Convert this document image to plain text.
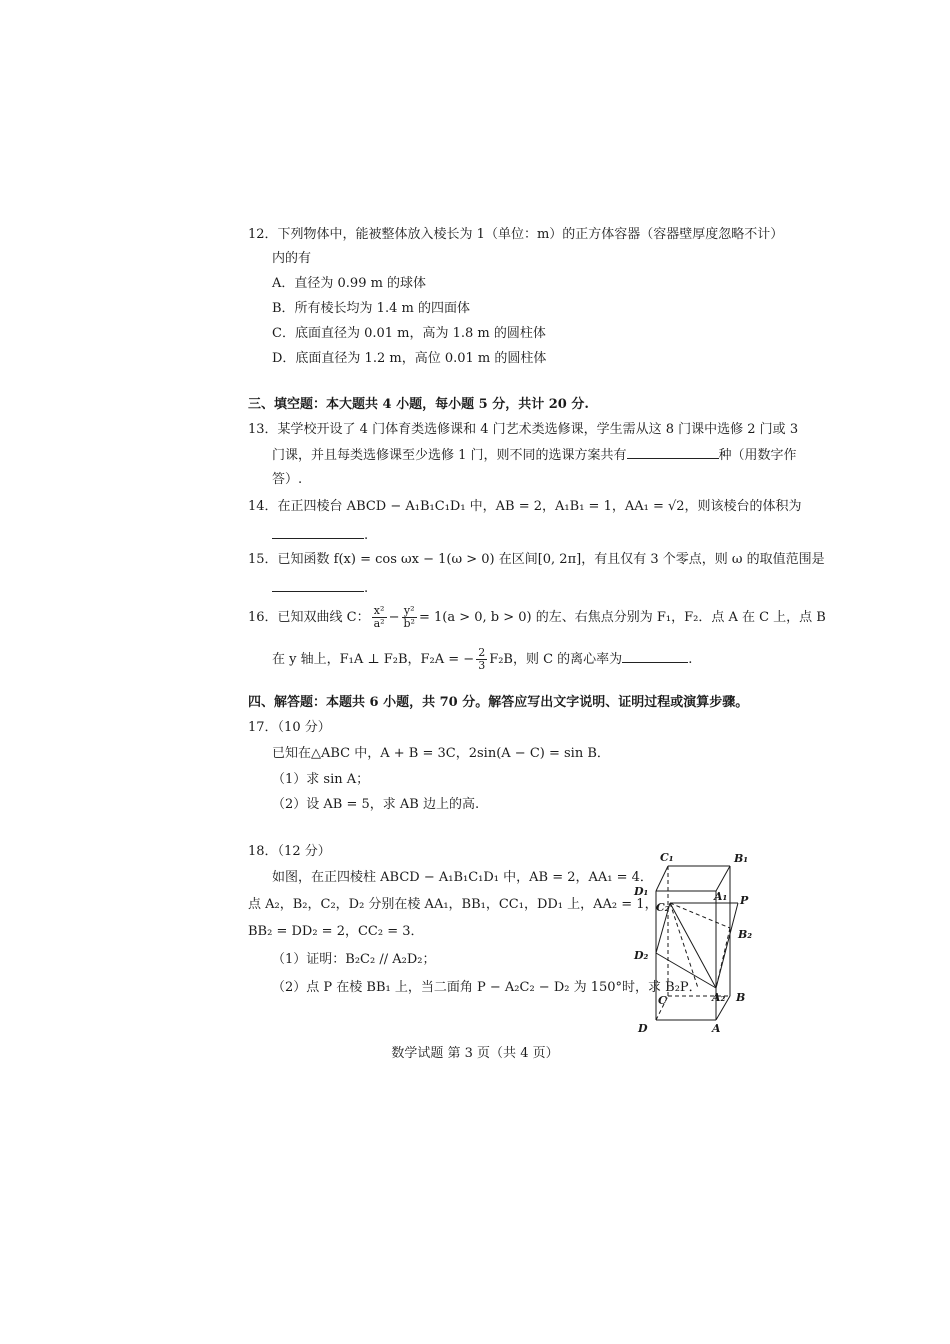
12．下列物体中，能被整体放入棱长为 1（单位：m）的正方体容器（容器壁厚度忽略不计）
内的有
A．直径为 0.99 m 的球体
B．所有棱长均为 1.4 m 的四面体
C．底面直径为 0.01 m，高为 1.8 m 的圆柱体
D．底面直径为 1.2 m，高位 0.01 m 的圆柱体
三、填空题：本大题共 4 小题，每小题 5 分，共计 20 分.
13．某学校开设了 4 门体育类选修课和 4 门艺术类选修课，学生需从这 8 门课中选修 2 门或 3
门课，并且每类选修课至少选修 1 门，则不同的选课方案共有	种（用数字作
答）.
14．在正四棱台 ABCD − A₁B₁C₁D₁ 中，AB = 2，A₁B₁ = 1，AA₁ = √2，则该棱台的体积为
.
15．已知函数 f(x) = cos ωx − 1(ω > 0) 在区间[0, 2π]，有且仅有 3 个零点，则 ω 的取值范围是
.
16．已知双曲线 C： $\frac{\text{x²}}{\text{a²}} - \frac{\text{y²}}{\text{b²}} = 1(a > 0$, b > 0) 的左、右焦点分别为 F₁，F₂．点 A 在 C 上，点 B
在 y 轴上，F₁A ⊥ F₂B，F₂A = − $\frac{2}{3} F_2B$，则 C 的离心率为	.
四、解答题：本题共 6 小题，共 70 分。解答应写出文字说明、证明过程或演算步骤。
17．（10 分）
已知在△ABC 中，A + B = 3C，2sin(A − C) = sin B．
（1）求 sin A；
（2）设 AB = 5，求 AB 边上的高.
18．（12 分）
如图，在正四棱柱 ABCD − A₁B₁C₁D₁ 中，AB = 2，AA₁ = 4．
点 A₂，B₂，C₂，D₂ 分别在棱 AA₁，BB₁，CC₁，DD₁ 上，AA₂ = 1，
BB₂ = DD₂ = 2，CC₂ = 3．
（1）证明：B₂C₂ // A₂D₂；
（2）点 P 在棱 BB₁ 上，当二面角 P − A₂C₂ − D₂ 为 150°时，求 B₂P．
C₁	B₁
D₁	A₁
C₂
P
B₂
D₂
A₂
C	B
D	A
数学试题 第 3 页（共 4 页）
